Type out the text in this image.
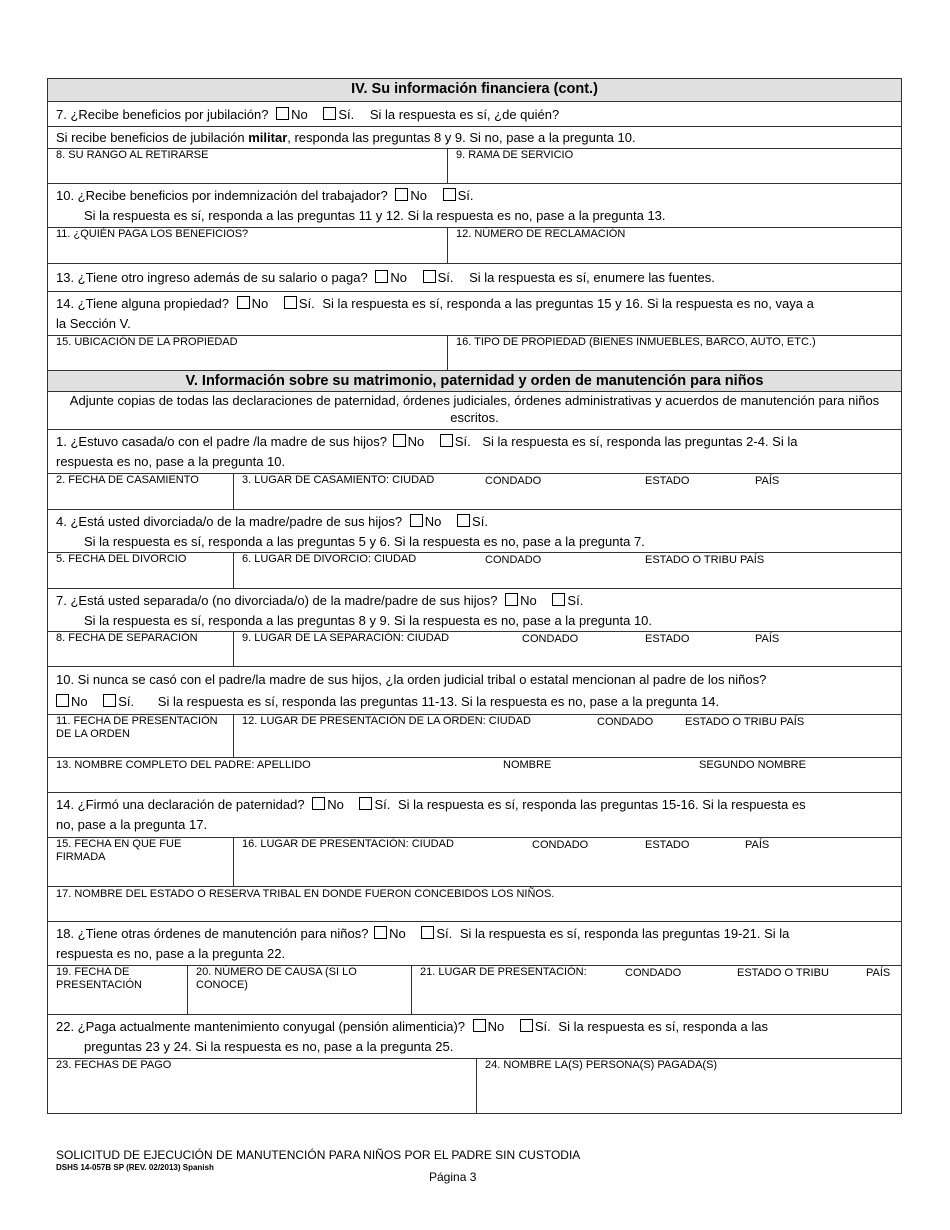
IV. Su información financiera (cont.)
7. ¿Recibe beneficios por jubilación? No Sí. Si la respuesta es sí, ¿de quién?
Si recibe beneficios de jubilación militar, responda las preguntas 8 y 9. Si no, pase a la pregunta 10.
8. SU RANGO AL RETIRARSE	9. RAMA DE SERVICIO
10. ¿Recibe beneficios por indemnización del trabajador? No Sí.
Si la respuesta es sí, responda a las preguntas 11 y 12. Si la respuesta es no, pase a la pregunta 13.
11. ¿QUIÉN PAGA LOS BENEFICIOS?	12. NÚMERO DE RECLAMACIÓN
13. ¿Tiene otro ingreso además de su salario o paga? No Sí. Si la respuesta es sí, enumere las fuentes.
14. ¿Tiene alguna propiedad? No Sí. Si la respuesta es sí, responda a las preguntas 15 y 16. Si la respuesta es no, vaya a
la Sección V.
15. UBICACIÓN DE LA PROPIEDAD	16. TIPO DE PROPIEDAD (BIENES INMUEBLES, BARCO, AUTO, ETC.)
V. Información sobre su matrimonio, paternidad y orden de manutención para niños
Adjunte copias de todas las declaraciones de paternidad, órdenes judiciales, órdenes administrativas y acuerdos de manutención para niños escritos.
1. ¿Estuvo casada/o con el padre /la madre de sus hijos? No Sí. Si la respuesta es sí, responda las preguntas 2-4. Si la
respuesta es no, pase a la pregunta 10.
2. FECHA DE CASAMIENTO	3. LUGAR DE CASAMIENTO: CIUDAD	CONDADO	ESTADO	PAÍS
4. ¿Está usted divorciada/o de la madre/padre de sus hijos? No Sí.
Si la respuesta es sí, responda a las preguntas 5 y 6. Si la respuesta es no, pase a la pregunta 7.
5. FECHA DEL DIVORCIO	6. LUGAR DE DIVORCIO: CIUDAD	CONDADO	ESTADO O TRIBU PAÍS
7. ¿Está usted separada/o (no divorciada/o) de la madre/padre de sus hijos? No Sí.
Si la respuesta es sí, responda a las preguntas 8 y 9. Si la respuesta es no, pase a la pregunta 10.
8. FECHA DE SEPARACIÓN	9. LUGAR DE LA SEPARACIÓN: CIUDAD	CONDADO	ESTADO	PAÍS
10. Si nunca se casó con el padre/la madre de sus hijos, ¿la orden judicial tribal o estatal mencionan al padre de los niños?
No Sí. Si la respuesta es sí, responda las preguntas 11-13. Si la respuesta es no, pase a la pregunta 14.
11. FECHA DE PRESENTACIÓN DE LA ORDEN
12. LUGAR DE PRESENTACIÓN DE LA ORDEN: CIUDAD	CONDADO	ESTADO O TRIBU PAÍS
13. NOMBRE COMPLETO DEL PADRE: APELLIDO	NOMBRE	SEGUNDO NOMBRE
14. ¿Firmó una declaración de paternidad? No Sí. Si la respuesta es sí, responda las preguntas 15-16. Si la respuesta es
no, pase a la pregunta 17.
15. FECHA EN QUE FUE FIRMADA
16. LUGAR DE PRESENTACIÓN: CIUDAD	CONDADO	ESTADO	PAÍS
17. NOMBRE DEL ESTADO O RESERVA TRIBAL EN DONDE FUERON CONCEBIDOS LOS NIÑOS.
18. ¿Tiene otras órdenes de manutención para niños? No Sí. Si la respuesta es sí, responda las preguntas 19-21. Si la
respuesta es no, pase a la pregunta 22.
19. FECHA DE PRESENTACIÓN
20. NÚMERO DE CAUSA (SI LO CONOCE)
21. LUGAR DE PRESENTACIÓN:	CONDADO	ESTADO O TRIBU	PAÍS
22. ¿Paga actualmente mantenimiento conyugal (pensión alimenticia)? No Sí. Si la respuesta es sí, responda a las
preguntas 23 y 24. Si la respuesta es no, pase a la pregunta 25.
23. FECHAS DE PAGO	24. NOMBRE LA(S) PERSONA(S) PAGADA(S)
SOLICITUD DE EJECUCIÓN DE MANUTENCIÓN PARA NIÑOS POR EL PADRE SIN CUSTODIA
DSHS 14-057B SP (REV. 02/2013) Spanish
Página 3
